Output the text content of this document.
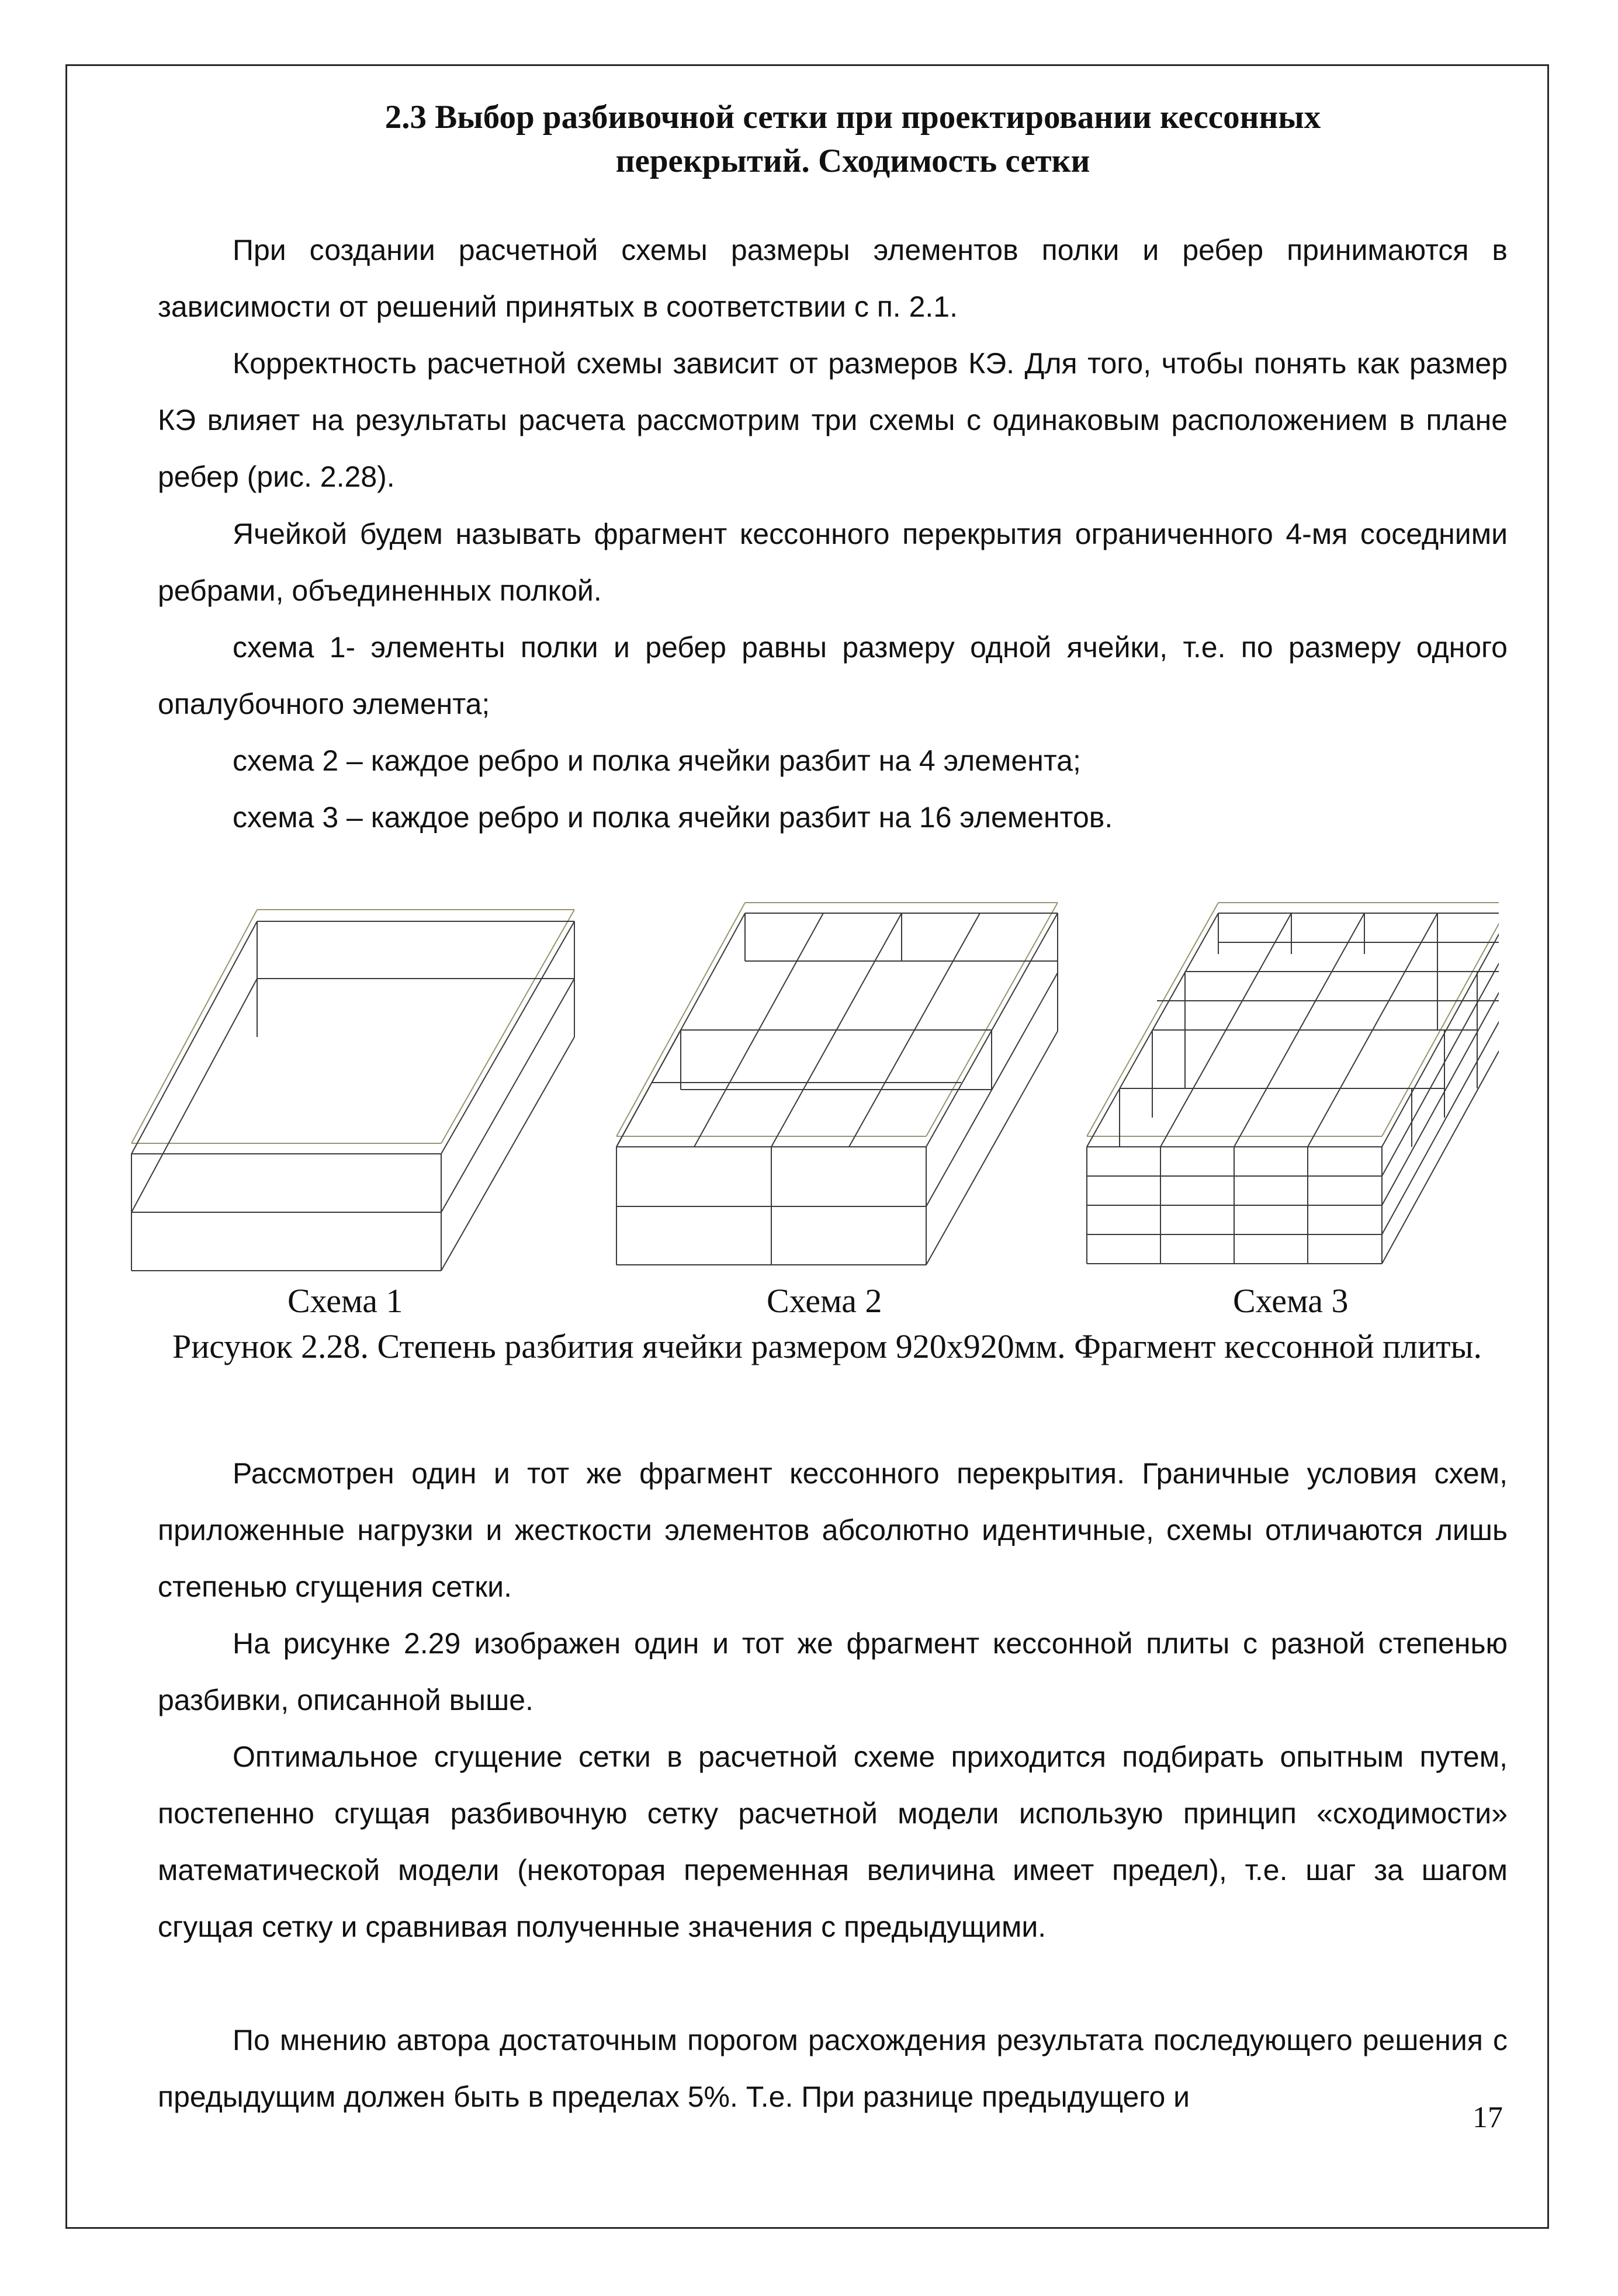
2.3 Выбор разбивочной сетки при проектировании кессонных
перекрытий. Сходимость сетки

При создании расчетной схемы размеры элементов полки и ребер принимаются в зависимости от решений принятых в соответствии с п. 2.1.

Корректность расчетной схемы зависит от размеров КЭ. Для того, чтобы понять как размер КЭ влияет на результаты расчета рассмотрим три схемы с одинаковым расположением в плане ребер (рис. 2.28).

Ячейкой будем называть фрагмент кессонного перекрытия ограниченного 4-мя соседними ребрами, объединенных полкой.

схема 1- элементы полки и ребер равны размеру одной ячейки, т.е. по размеру одного опалубочного элемента;

схема 2 – каждое ребро и полка ячейки разбит на 4 элемента;

схема 3 – каждое ребро и полка ячейки разбит на 16 элементов.

Схема 1	Схема 2	Схема 3

Рисунок 2.28. Степень разбития ячейки размером 920х920мм. Фрагмент кессонной плиты.

Рассмотрен один и тот же фрагмент кессонного перекрытия. Граничные условия схем, приложенные нагрузки и жесткости элементов абсолютно идентичные, схемы отличаются лишь степенью сгущения сетки.

На рисунке 2.29 изображен один и тот же фрагмент кессонной плиты с разной степенью разбивки, описанной выше.

Оптимальное сгущение сетки в расчетной схеме приходится подбирать опытным путем, постепенно сгущая разбивочную сетку расчетной модели использую принцип «сходимости» математической модели (некоторая переменная величина имеет предел), т.е. шаг за шагом сгущая сетку и сравнивая полученные значения с предыдущими.

По мнению автора достаточным порогом расхождения результата последующего решения с предыдущим должен быть в пределах 5%. Т.е. При разнице предыдущего и

17
